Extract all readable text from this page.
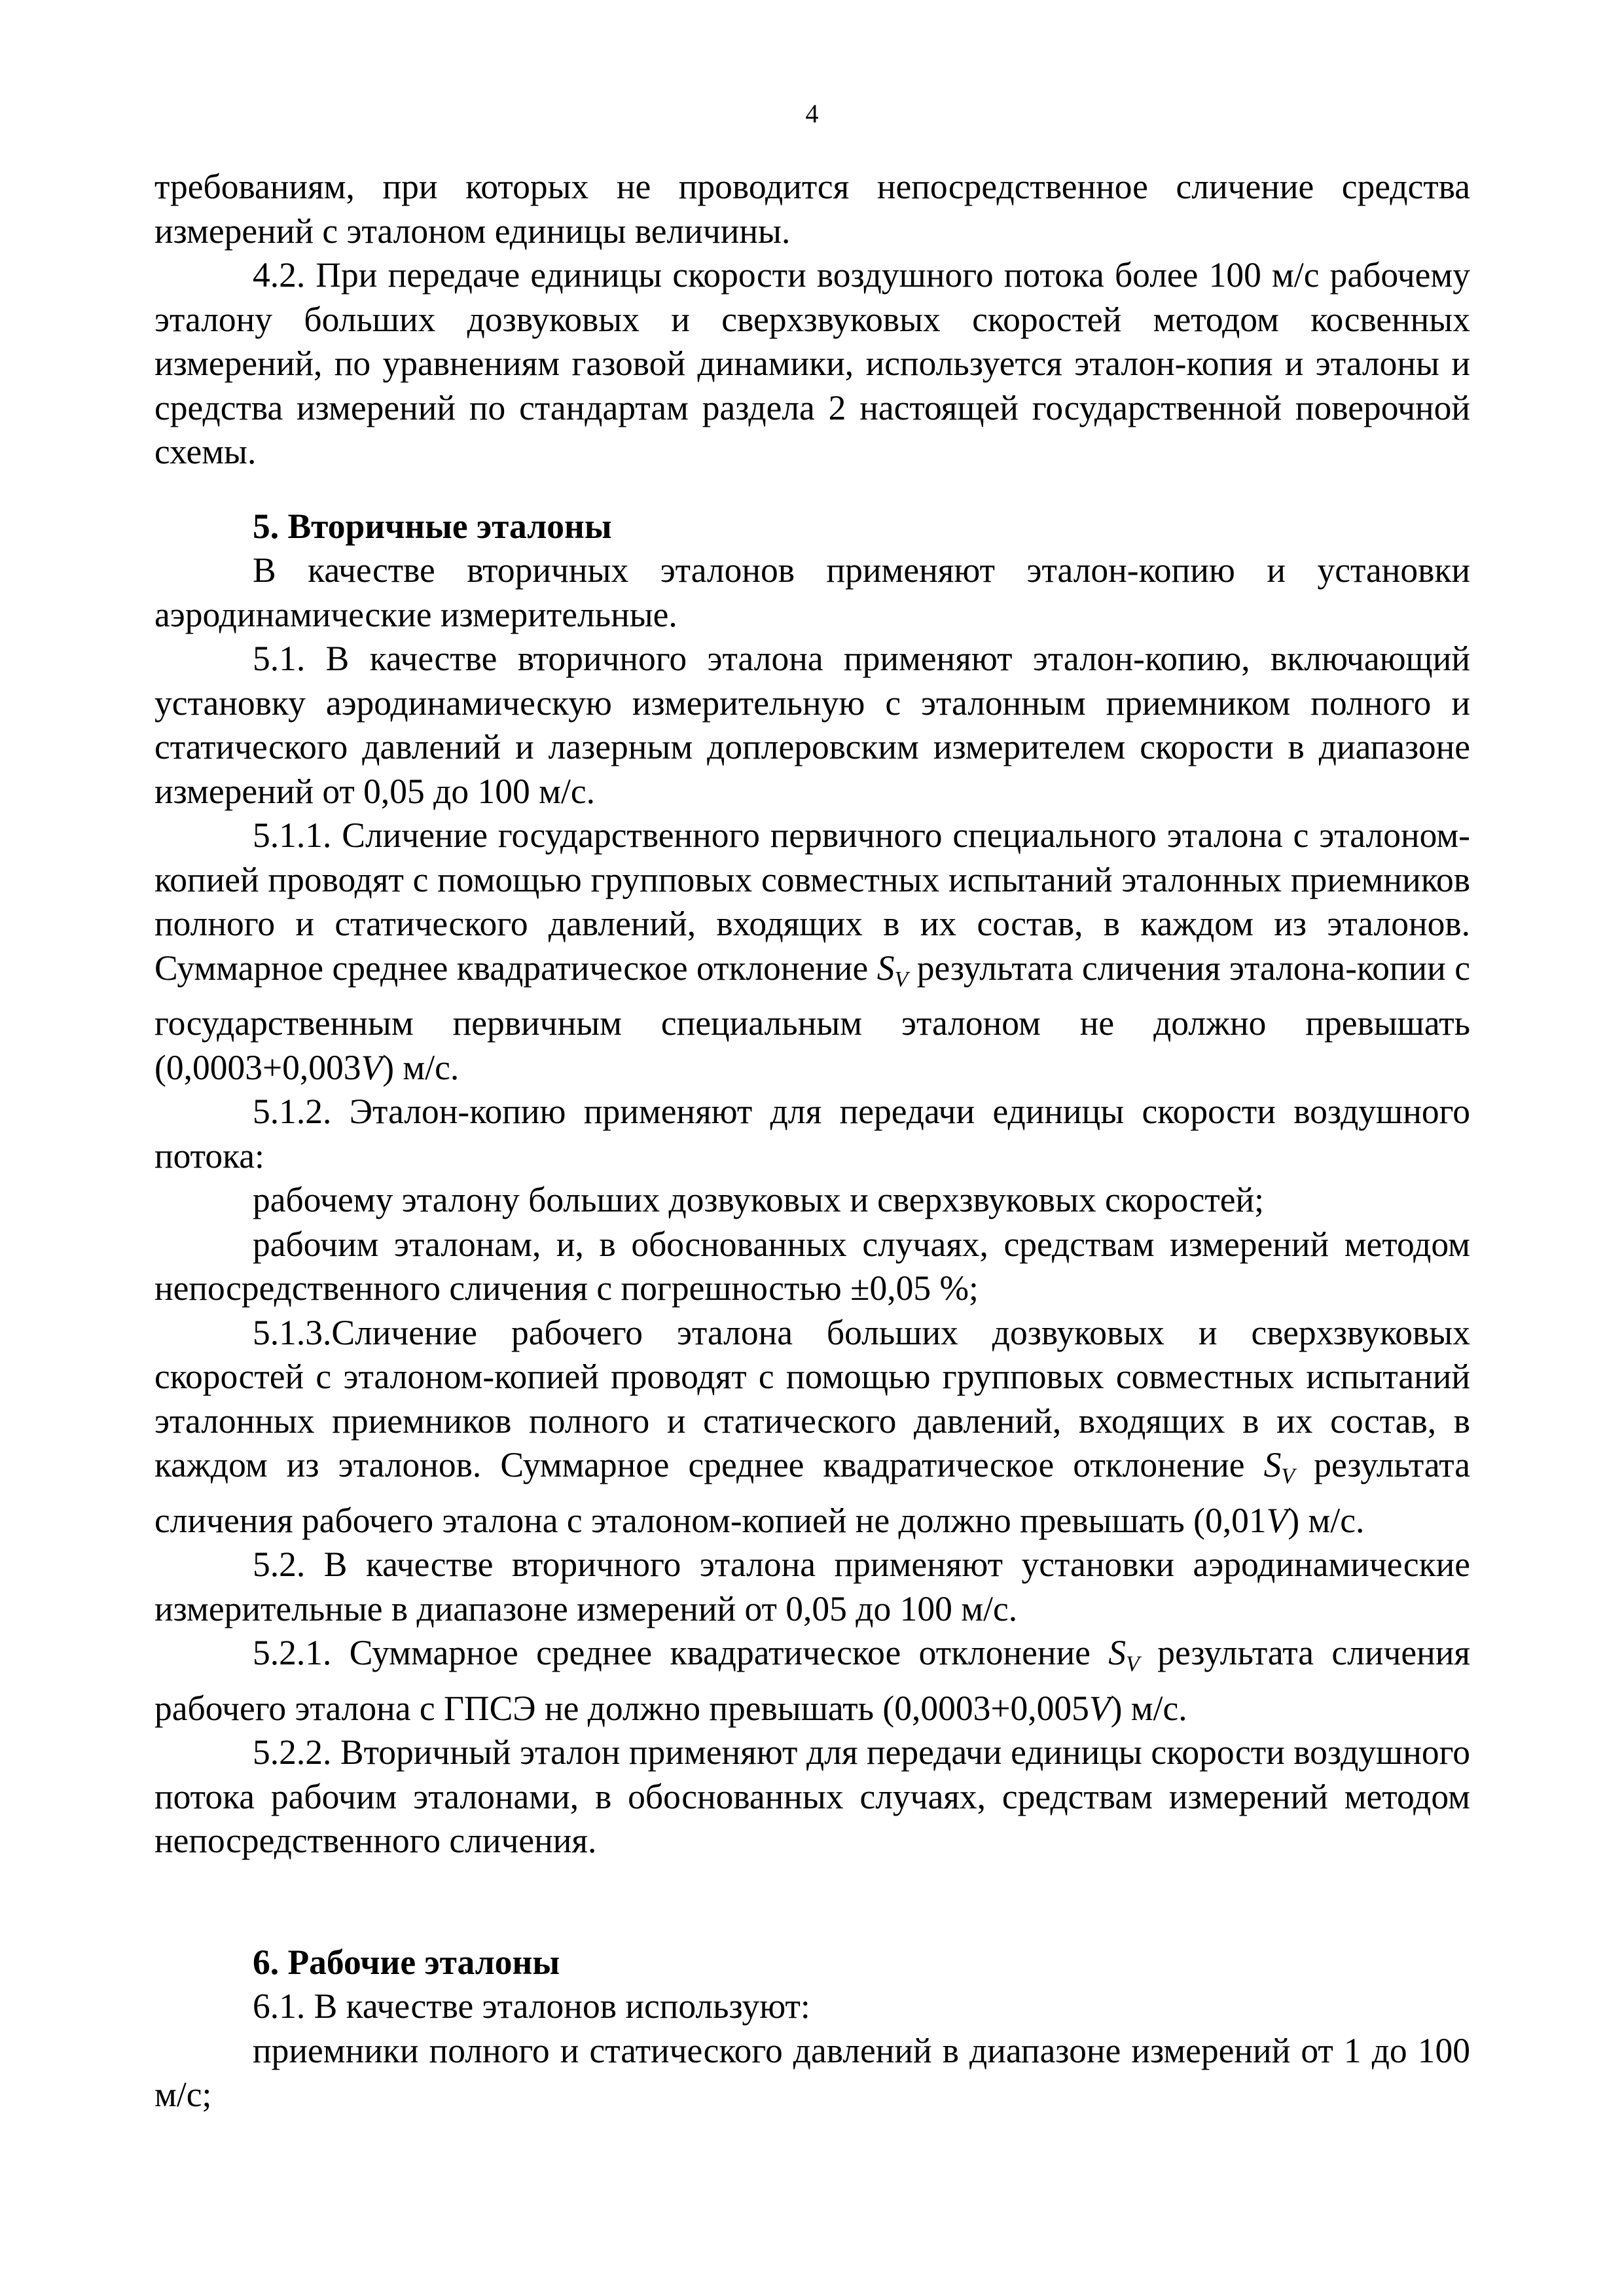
4

требованиям, при которых не проводится непосредственное сличение средства измерений с эталоном единицы величины.

4.2. При передаче единицы скорости воздушного потока более 100 м/с рабочему эталону больших дозвуковых и сверхзвуковых скоростей методом косвенных измерений, по уравнениям газовой динамики, используется эталон-копия и эталоны и средства измерений по стандартам раздела 2 настоящей государственной поверочной схемы.

5. Вторичные эталоны

В качестве вторичных эталонов применяют эталон-копию и установки аэродинамические измерительные.

5.1. В качестве вторичного эталона применяют эталон-копию, включающий установку аэродинамическую измерительную с эталонным приемником полного и статического давлений и лазерным доплеровским измерителем скорости в диапазоне измерений от 0,05 до 100 м/с.

5.1.1. Сличение государственного первичного специального эталона с эталоном-копией проводят с помощью групповых совместных испытаний эталонных приемников полного и статического давлений, входящих в их состав, в каждом из эталонов. Суммарное среднее квадратическое отклонение $S_V$ результата сличения эталона-копии с государственным первичным специальным эталоном не должно превышать (0,0003+0,003V) м/с.

5.1.2. Эталон-копию применяют для передачи единицы скорости воздушного потока:

рабочему эталону больших дозвуковых и сверхзвуковых скоростей;

рабочим эталонам, и, в обоснованных случаях, средствам измерений методом непосредственного сличения с погрешностью ±0,05 %;

5.1.3.Сличение рабочего эталона больших дозвуковых и сверхзвуковых скоростей с эталоном-копией проводят с помощью групповых совместных испытаний эталонных приемников полного и статического давлений, входящих в их состав, в каждом из эталонов. Суммарное среднее квадратическое отклонение $S_V$ результата сличения рабочего эталона с эталоном-копией не должно превышать (0,01V) м/с.

5.2. В качестве вторичного эталона применяют установки аэродинамические измерительные в диапазоне измерений от 0,05 до 100 м/с.

5.2.1. Суммарное среднее квадратическое отклонение $S_V$ результата сличения рабочего эталона с ГПСЭ не должно превышать (0,0003+0,005V) м/с.

5.2.2. Вторичный эталон применяют для передачи единицы скорости воздушного потока рабочим эталонами, в обоснованных случаях, средствам измерений методом непосредственного сличения.

6. Рабочие эталоны

6.1. В качестве эталонов используют:

приемники полного и статического давлений в диапазоне измерений от 1 до 100 м/с;
